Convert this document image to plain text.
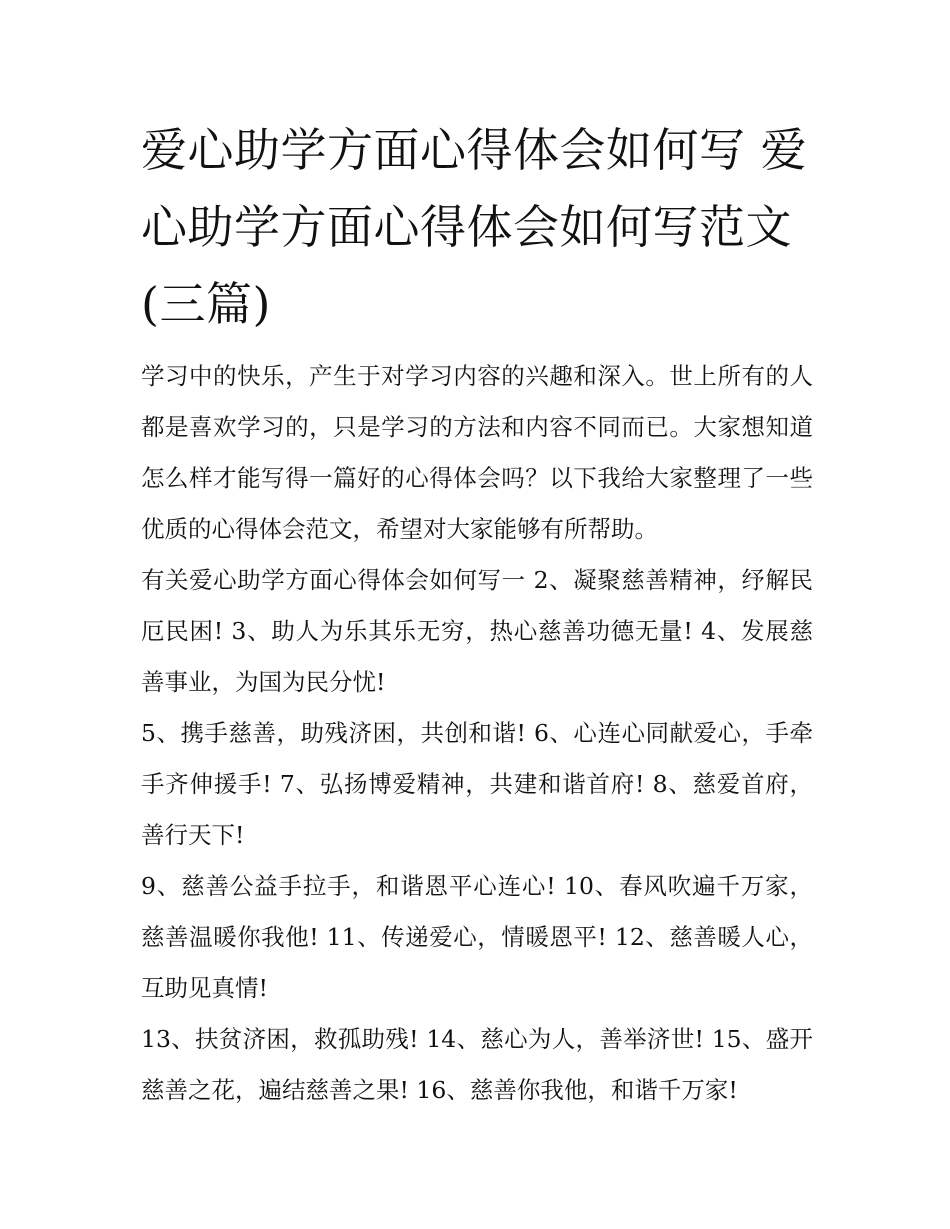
爱心助学方面心得体会如何写 爱心助学方面心得体会如何写范文(三篇)

学习中的快乐，产生于对学习内容的兴趣和深入。世上所有的人都是喜欢学习的，只是学习的方法和内容不同而已。大家想知道怎么样才能写得一篇好的心得体会吗？以下我给大家整理了一些优质的心得体会范文，希望对大家能够有所帮助。

有关爱心助学方面心得体会如何写一 2、凝聚慈善精神，纾解民厄民困! 3、助人为乐其乐无穷，热心慈善功德无量! 4、发展慈善事业，为国为民分忧!

5、携手慈善，助残济困，共创和谐! 6、心连心同献爱心，手牵手齐伸援手! 7、弘扬博爱精神，共建和谐首府! 8、慈爱首府，善行天下!

9、慈善公益手拉手，和谐恩平心连心! 10、春风吹遍千万家，慈善温暖你我他! 11、传递爱心，情暖恩平! 12、慈善暖人心，互助见真情!

13、扶贫济困，救孤助残! 14、慈心为人，善举济世! 15、盛开慈善之花，遍结慈善之果! 16、慈善你我他，和谐千万家!
